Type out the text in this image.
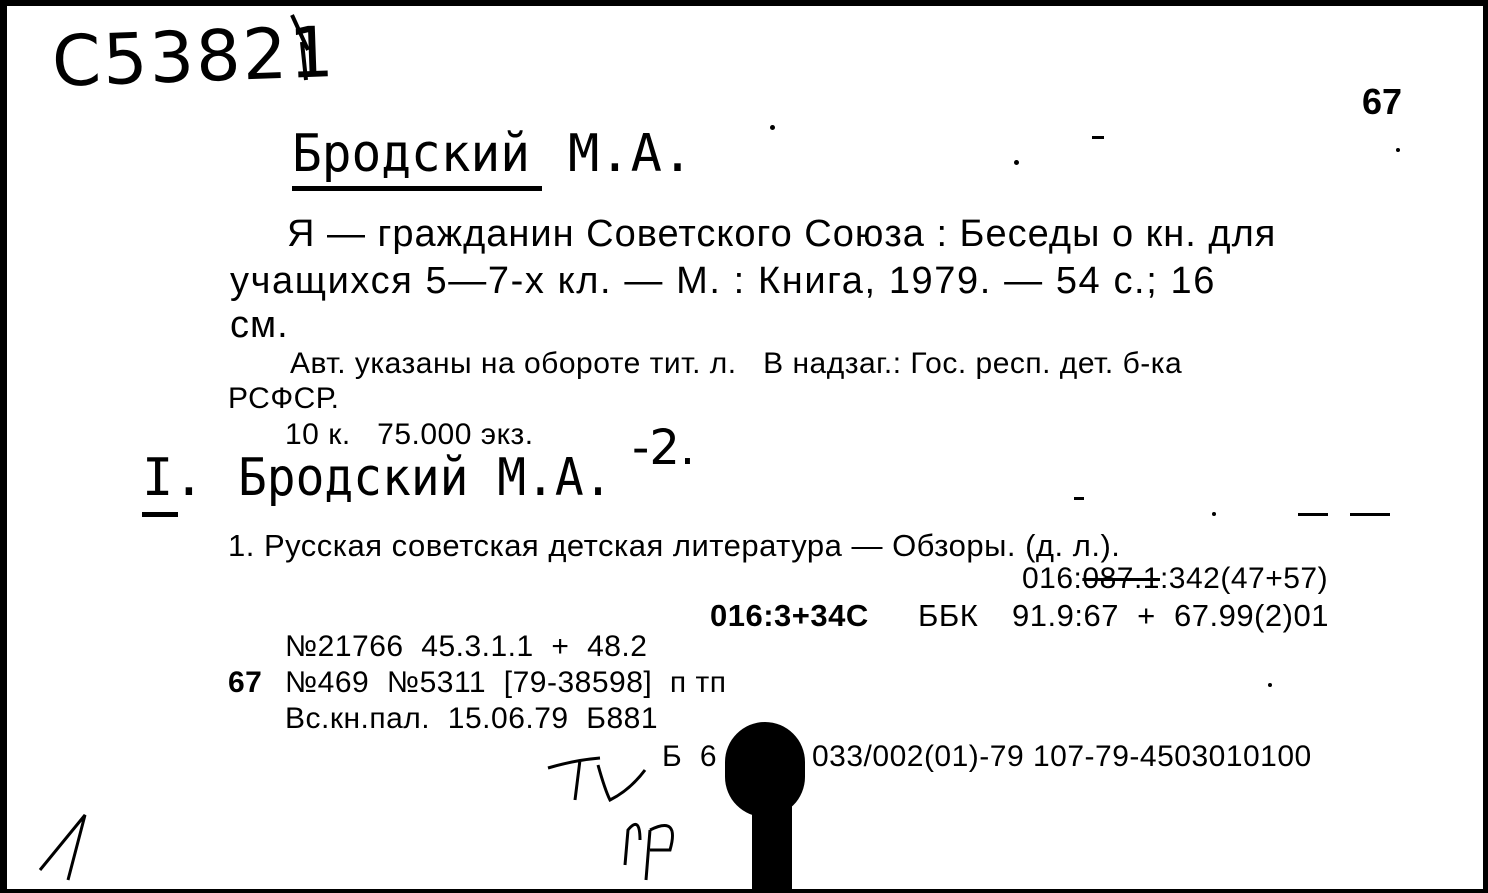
С53821	67
Бродский М.А.
Я — гражданин Советского Союза : Беседы о кн. для
учащихся 5—7-х кл. — М. : Книга, 1979. — 54 с.; 16
см.
Авт. указаны на обороте тит. л.   В надзаг.: Гос. респ. дет. б-ка
РСФСР.
10 к.   75.000 экз.
I. Бродский М.А. -2.
1. Русская советская детская литература — Обзоры. (д. л.).
016:087.1:342(47+57)
016:3+34С ББК 91.9:67  +  67.99(2)01
№21766  45.3.1.1  +  48.2
67 №469  №5311  [79-38598]  п тп
Вс.кн.пал.  15.06.79  Б881
Б  6	033/002(01)-79 107-79-4503010100
